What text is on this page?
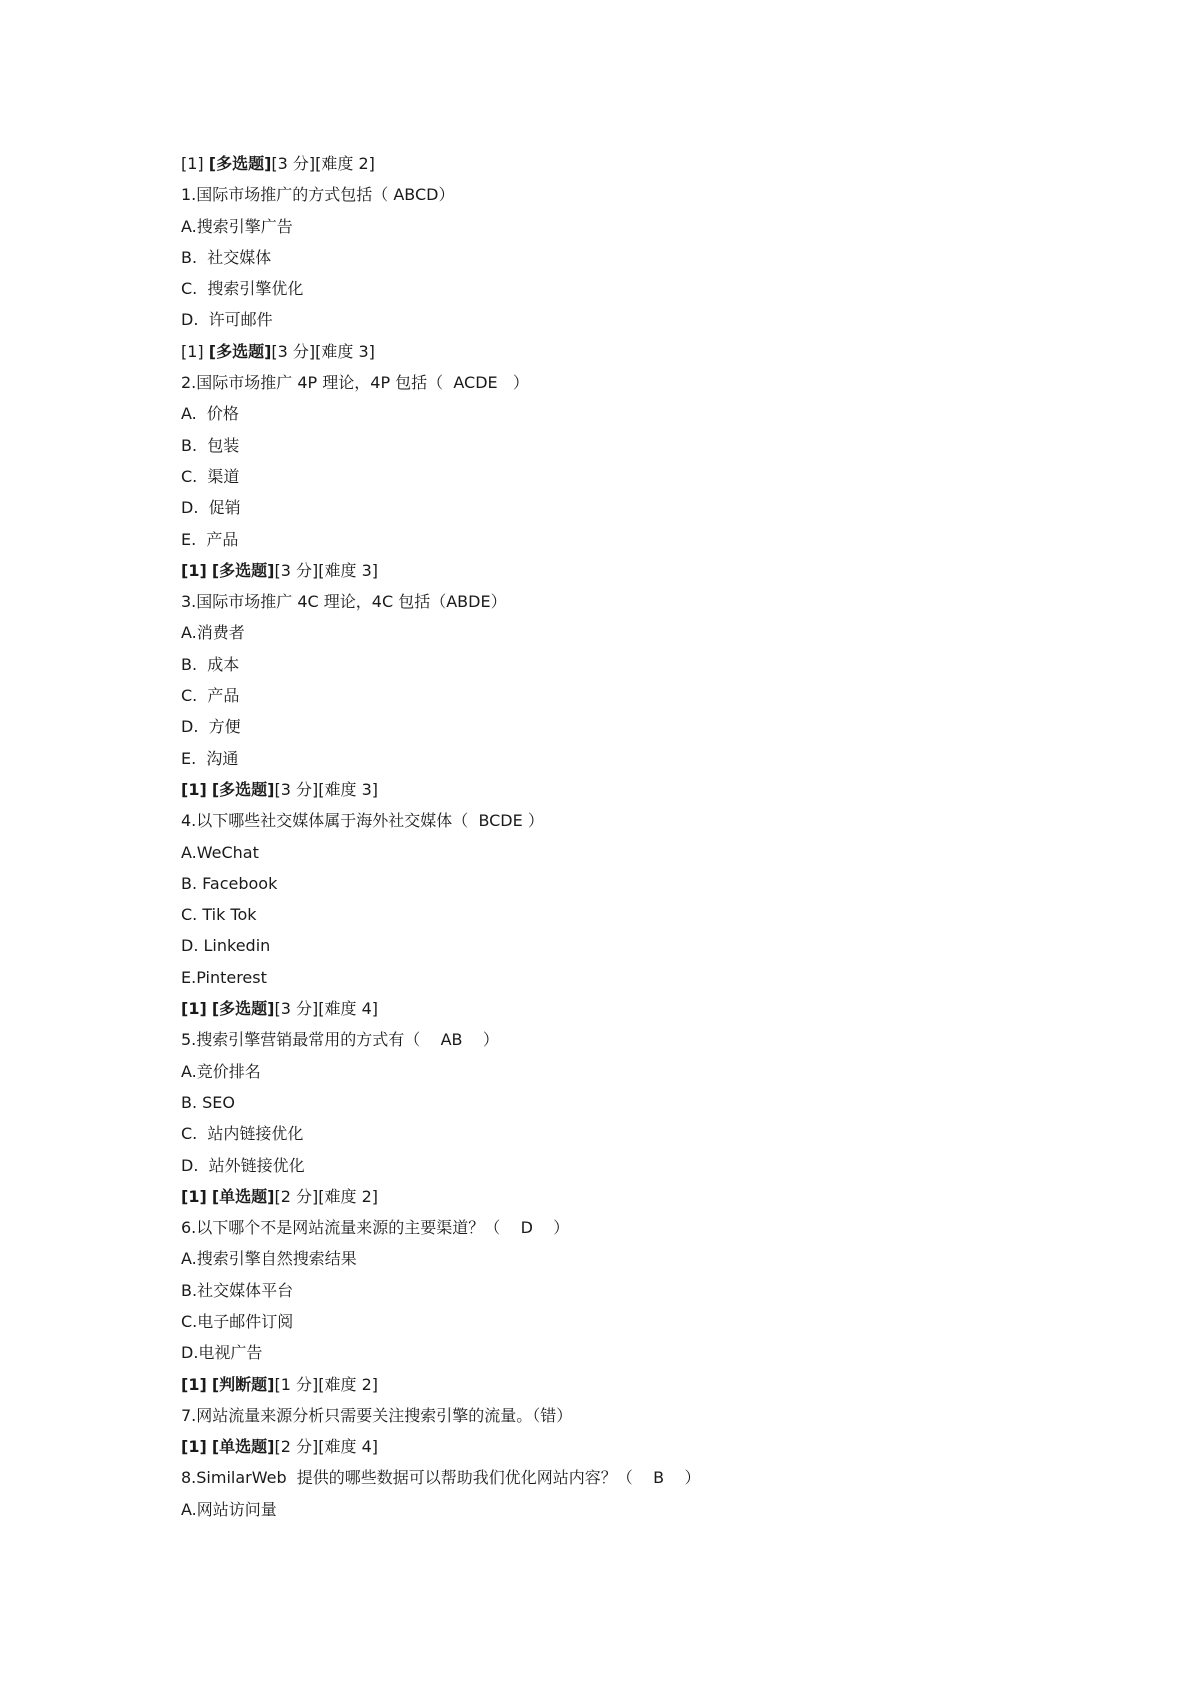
[1] [多选题][3 分][难度 2]
1.国际市场推广的方式包括（ ABCD）
A.搜索引擎广告
B.  社交媒体
C.  搜索引擎优化
D.  许可邮件
[1] [多选题][3 分][难度 3]
2.国际市场推广 4P 理论，4P 包括（  ACDE   ）
A.  价格
B.  包装
C.  渠道
D.  促销
E.  产品
[1] [多选题][3 分][难度 3]
3.国际市场推广 4C 理论，4C 包括（ABDE）
A.消费者
B.  成本
C.  产品
D.  方便
E.  沟通
[1] [多选题][3 分][难度 3]
4.以下哪些社交媒体属于海外社交媒体（  BCDE ）
A.WeChat
B. Facebook
C. Tik Tok
D. Linkedin
E.Pinterest
[1] [多选题][3 分][难度 4]
5.搜索引擎营销最常用的方式有（    AB    ）
A.竞价排名
B. SEO
C.  站内链接优化
D.  站外链接优化
[1] [单选题][2 分][难度 2]
6.以下哪个不是网站流量来源的主要渠道？（    D    ）
A.搜索引擎自然搜索结果
B.社交媒体平台
C.电子邮件订阅
D.电视广告
[1] [判断题][1 分][难度 2]
7.网站流量来源分析只需要关注搜索引擎的流量。（错）
[1] [单选题][2 分][难度 4]
8.SimilarWeb  提供的哪些数据可以帮助我们优化网站内容？（    B    ）
A.网站访问量
